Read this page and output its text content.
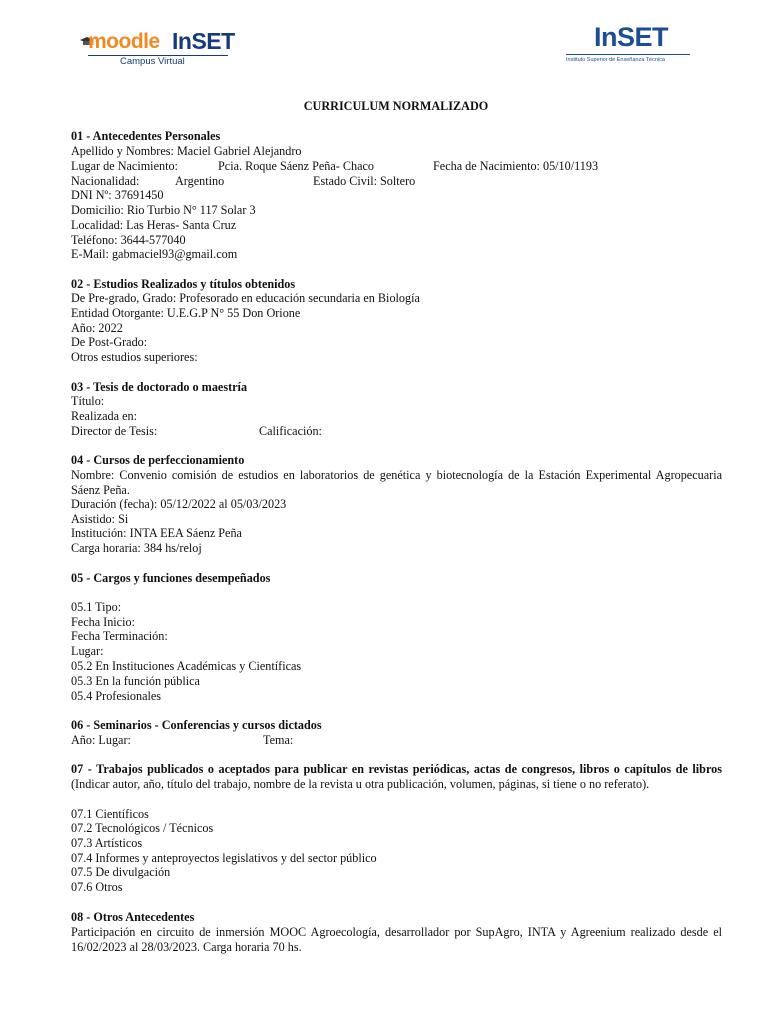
moodle InSET
Campus Virtual
InSET
Instituto Superior de Enseñanza Técnica
CURRICULUM NORMALIZADO
01 - Antecedentes Personales
Apellido y Nombres: Maciel Gabriel Alejandro
Lugar de Nacimiento:	Pcia. Roque Sáenz Peña- Chaco	Fecha de Nacimiento: 05/10/1193
Nacionalidad:	Argentino	Estado Civil: Soltero
DNI Nº: 37691450
Domicilio: Rio Turbio N° 117 Solar 3
Localidad: Las Heras- Santa Cruz
Teléfono: 3644-577040
E-Mail: gabmaciel93@gmail.com
02 - Estudios Realizados y títulos obtenidos
De Pre-grado, Grado: Profesorado en educación secundaria en Biología
Entidad Otorgante: U.E.G.P N° 55 Don Orione
Año: 2022
De Post-Grado:
Otros estudios superiores:
03 - Tesis de doctorado o maestría
Título:
Realizada en:
Director de Tesis:	Calificación:
04 - Cursos de perfeccionamiento
Nombre: Convenio comisión de estudios en laboratorios de genética y biotecnología de la Estación Experimental Agropecuaria Sáenz Peña.
Duración (fecha): 05/12/2022 al 05/03/2023
Asistido: Si
Institución: INTA EEA Sáenz Peña
Carga horaria: 384 hs/reloj
05 - Cargos y funciones desempeñados
05.1 Tipo:
Fecha Inicio:
Fecha Terminación:
Lugar:
05.2 En Instituciones Académicas y Científicas
05.3 En la función pública
05.4 Profesionales
06 - Seminarios - Conferencias y cursos dictados
Año: Lugar:	Tema:
07 - Trabajos publicados o aceptados para publicar en revistas periódicas, actas de congresos, libros o capítulos de libros (Indicar autor, año, título del trabajo, nombre de la revista u otra publicación, volumen, páginas, si tiene o no referato).
07.1 Científicos
07.2 Tecnológicos / Técnicos
07.3 Artísticos
07.4 Informes y anteproyectos legislativos y del sector público
07.5 De divulgación
07.6 Otros
08 - Otros Antecedentes
Participación en circuito de inmersión MOOC Agroecología, desarrollador por SupAgro, INTA y Agreenium realizado desde el 16/02/2023 al 28/03/2023. Carga horaria 70 hs.
